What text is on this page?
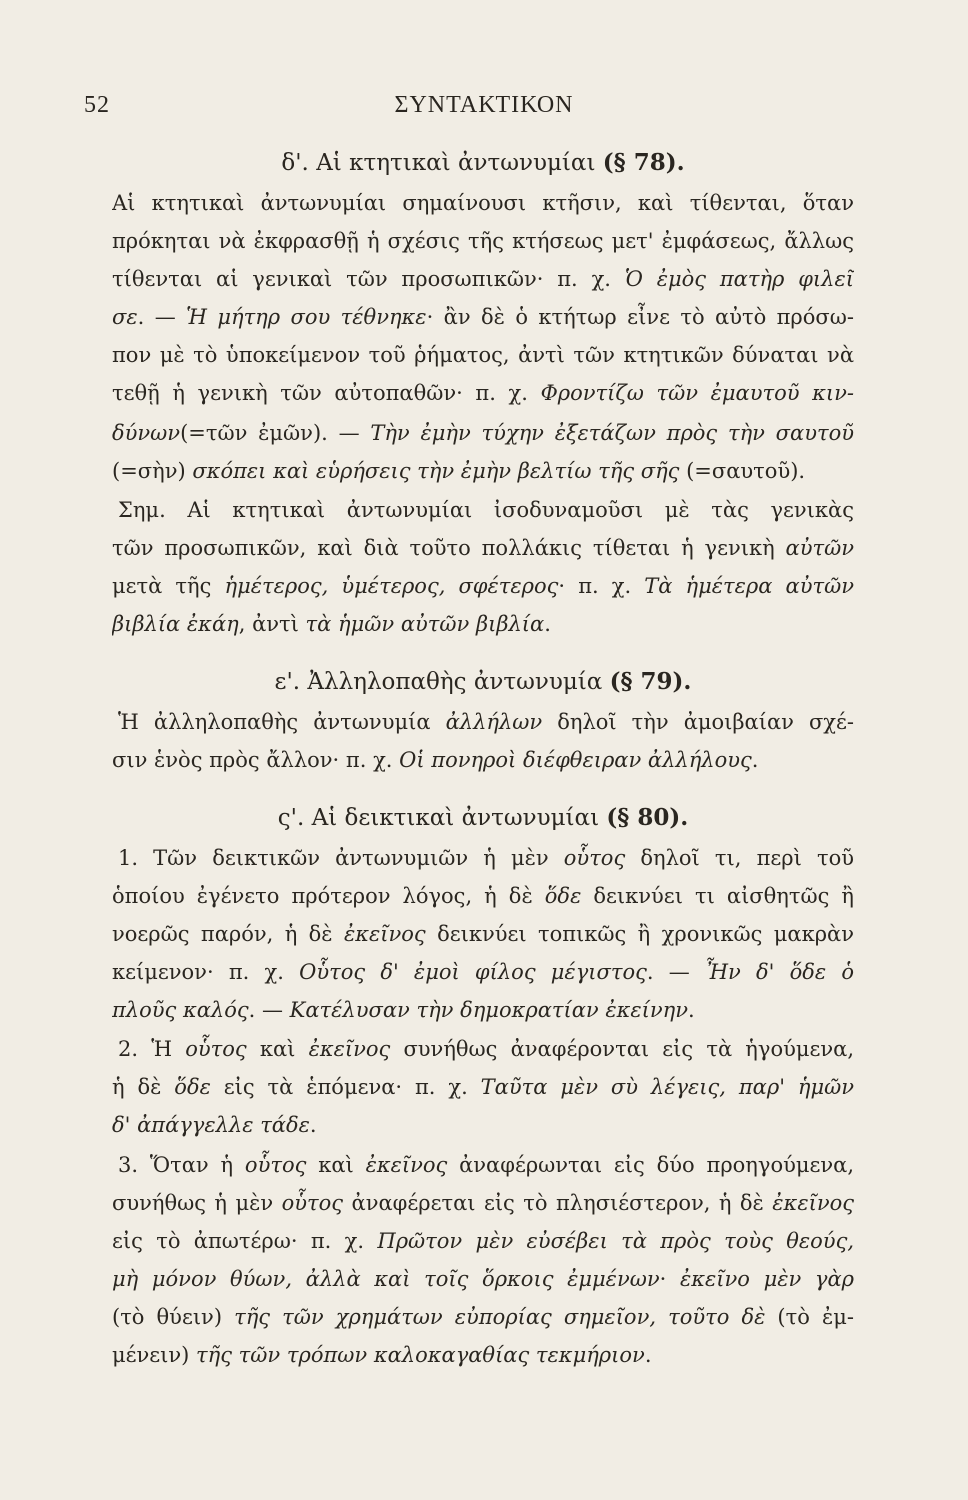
52	ΣΥΝΤΑΚΤΙΚΟΝ
δ'. Αἱ κτητικαὶ ἀντωνυμίαι (§ 78).
Αἱ κτητικαὶ ἀντωνυμίαι σημαίνουσι κτῆσιν, καὶ τίθενται, ὅταν
πρόκηται νὰ ἐκφρασθῇ ἡ σχέσις τῆς κτήσεως μετ' ἐμφάσεως, ἄλλως
τίθενται αἱ γενικαὶ τῶν προσωπικῶν· π. χ. Ὁ ἐμὸς πατὴρ φιλεῖ
σε. — Ἡ μήτηρ σου τέθνηκε· ἂν δὲ ὁ κτήτωρ εἶνε τὸ αὐτὸ πρόσω-
πον μὲ τὸ ὑποκείμενον τοῦ ῥήματος, ἀντὶ τῶν κτητικῶν δύναται νὰ
τεθῇ ἡ γενικὴ τῶν αὐτοπαθῶν· π. χ. Φροντίζω τῶν ἐμαυτοῦ κιν-
δύνων(=τῶν ἐμῶν). — Τὴν ἐμὴν τύχην ἐξετάζων πρὸς τὴν σαυτοῦ
(=σὴν) σκόπει καὶ εὑρήσεις τὴν ἐμὴν βελτίω τῆς σῆς (=σαυτοῦ).
Σημ. Αἱ κτητικαὶ ἀντωνυμίαι ἰσοδυναμοῦσι μὲ τὰς γενικὰς
τῶν προσωπικῶν, καὶ διὰ τοῦτο πολλάκις τίθεται ἡ γενικὴ αὐτῶν
μετὰ τῆς ἡμέτερος, ὑμέτερος, σφέτερος· π. χ. Τὰ ἡμέτερα αὐτῶν
βιβλία ἐκάη, ἀντὶ τὰ ἡμῶν αὐτῶν βιβλία.
ε'. Ἀλληλοπαθὴς ἀντωνυμία (§ 79).
Ἡ ἀλληλοπαθὴς ἀντωνυμία ἀλλήλων δηλοῖ τὴν ἀμοιβαίαν σχέ-
σιν ἑνὸς πρὸς ἄλλον· π. χ. Οἱ πονηροὶ διέφθειραν ἀλλήλους.
ς'. Αἱ δεικτικαὶ ἀντωνυμίαι (§ 80).
1. Τῶν δεικτικῶν ἀντωνυμιῶν ἡ μὲν οὗτος δηλοῖ τι, περὶ τοῦ
ὁποίου ἐγένετο πρότερον λόγος, ἡ δὲ ὅδε δεικνύει τι αἰσθητῶς ἢ
νοερῶς παρόν, ἡ δὲ ἐκεῖνος δεικνύει τοπικῶς ἢ χρονικῶς μακρὰν
κείμενον· π. χ. Οὗτος δ' ἐμοὶ φίλος μέγιστος. — Ἦν δ' ὅδε ὁ
πλοῦς καλός. — Κατέλυσαν τὴν δημοκρατίαν ἐκείνην.
2. Ἡ οὗτος καὶ ἐκεῖνος συνήθως ἀναφέρονται εἰς τὰ ἡγούμενα,
ἡ δὲ ὅδε εἰς τὰ ἑπόμενα· π. χ. Ταῦτα μὲν σὺ λέγεις, παρ' ἡμῶν
δ' ἀπάγγελλε τάδε.
3. Ὅταν ἡ οὗτος καὶ ἐκεῖνος ἀναφέρωνται εἰς δύο προηγούμενα,
συνήθως ἡ μὲν οὗτος ἀναφέρεται εἰς τὸ πλησιέστερον, ἡ δὲ ἐκεῖνος
εἰς τὸ ἀπωτέρω· π. χ. Πρῶτον μὲν εὐσέβει τὰ πρὸς τοὺς θεούς,
μὴ μόνον θύων, ἀλλὰ καὶ τοῖς ὅρκοις ἐμμένων· ἐκεῖνο μὲν γὰρ
(τὸ θύειν) τῆς τῶν χρημάτων εὐπορίας σημεῖον, τοῦτο δὲ (τὸ ἐμ-
μένειν) τῆς τῶν τρόπων καλοκαγαθίας τεκμήριον.
